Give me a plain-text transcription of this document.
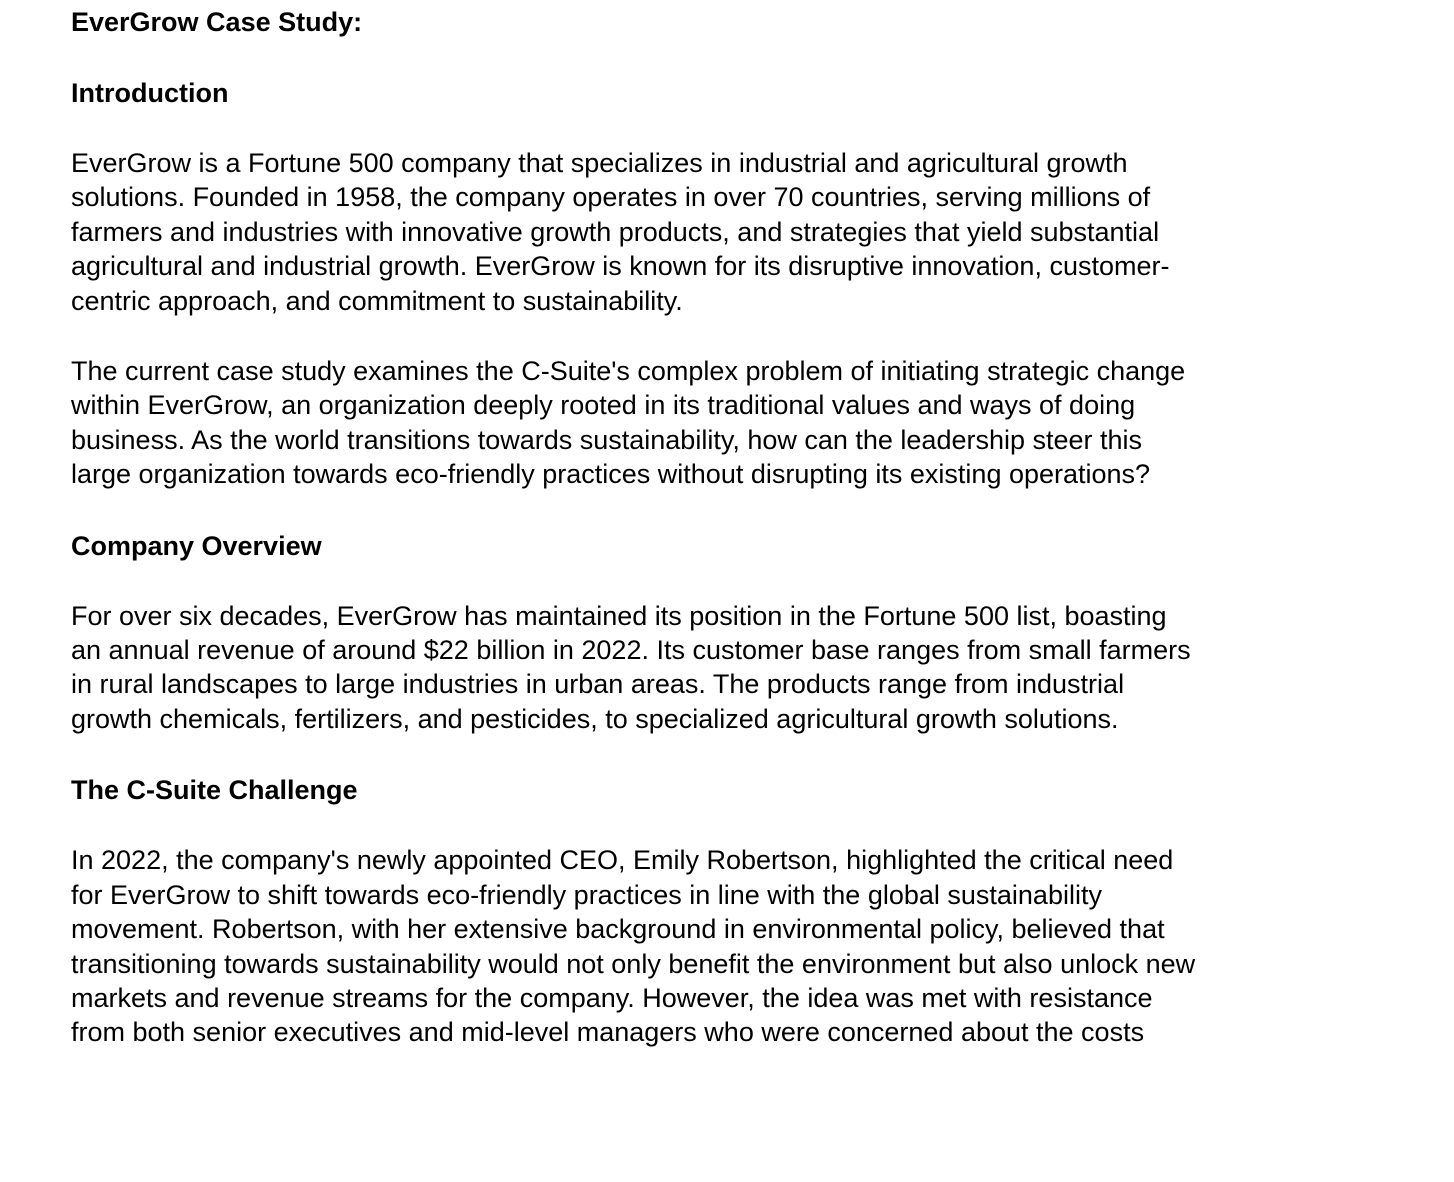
EverGrow Case Study:
Introduction

EverGrow is a Fortune 500 company that specializes in industrial and agricultural growth
solutions. Founded in 1958, the company operates in over 70 countries, serving millions of
farmers and industries with innovative growth products, and strategies that yield substantial
agricultural and industrial growth. EverGrow is known for its disruptive innovation, customer-
centric approach, and commitment to sustainability.

The current case study examines the C-Suite's complex problem of initiating strategic change
within EverGrow, an organization deeply rooted in its traditional values and ways of doing
business. As the world transitions towards sustainability, how can the leadership steer this
large organization towards eco-friendly practices without disrupting its existing operations?

Company Overview

For over six decades, EverGrow has maintained its position in the Fortune 500 list, boasting
an annual revenue of around $22 billion in 2022. Its customer base ranges from small farmers
in rural landscapes to large industries in urban areas. The products range from industrial
growth chemicals, fertilizers, and pesticides, to specialized agricultural growth solutions.

The C-Suite Challenge

In 2022, the company's newly appointed CEO, Emily Robertson, highlighted the critical need
for EverGrow to shift towards eco-friendly practices in line with the global sustainability
movement. Robertson, with her extensive background in environmental policy, believed that
transitioning towards sustainability would not only benefit the environment but also unlock new
markets and revenue streams for the company. However, the idea was met with resistance
from both senior executives and mid-level managers who were concerned about the costs
